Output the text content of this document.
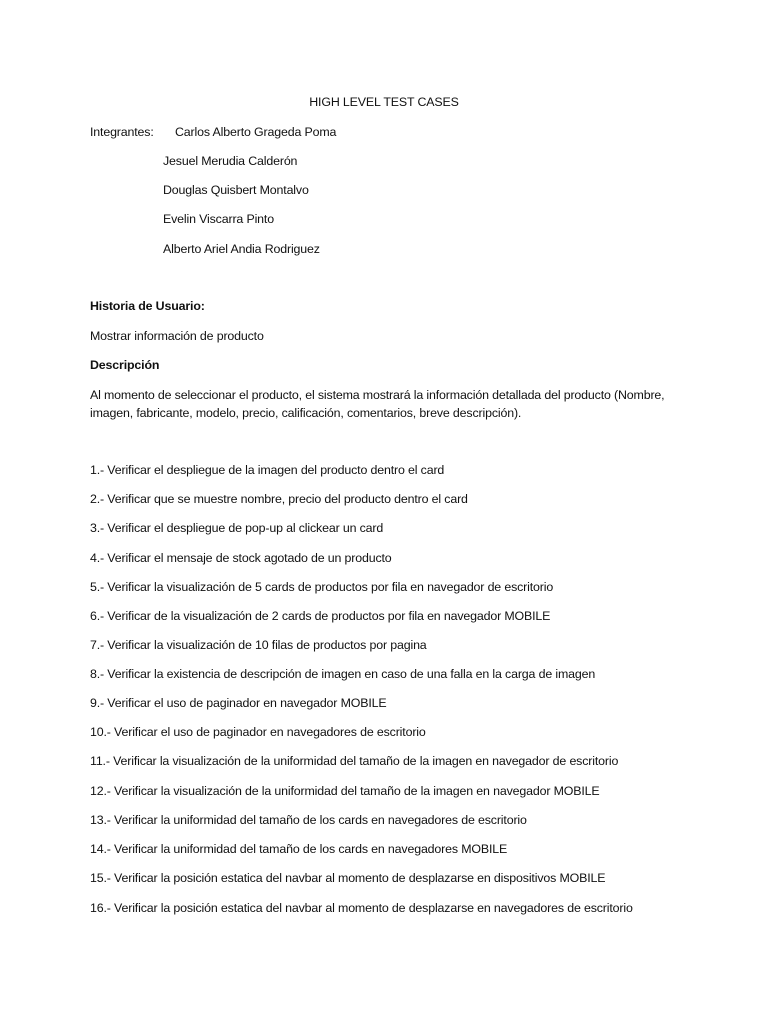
HIGH LEVEL TEST CASES
Integrantes: Carlos Alberto Grageda Poma
Jesuel Merudia Calderón
Douglas Quisbert Montalvo
Evelin Viscarra Pinto
Alberto Ariel Andia Rodriguez
Historia de Usuario:
Mostrar información de producto
Descripción
Al momento de seleccionar el producto, el sistema mostrará la información detallada del producto (Nombre, imagen, fabricante, modelo, precio, calificación, comentarios, breve descripción).
1.- Verificar el despliegue de la imagen del producto dentro el card
2.- Verificar que se muestre nombre, precio del producto dentro el card
3.- Verificar el despliegue de pop-up al clickear un card
4.- Verificar el mensaje de stock agotado de un producto
5.- Verificar la visualización de 5 cards de productos por fila en navegador de escritorio
6.- Verificar de la visualización de 2 cards de productos por fila en navegador MOBILE
7.- Verificar la visualización de 10 filas de productos por pagina
8.- Verificar la existencia de descripción de imagen en caso de una falla en la carga de imagen
9.- Verificar el uso de paginador en navegador MOBILE
10.- Verificar el uso de paginador en navegadores de escritorio
11.- Verificar la visualización de la uniformidad del tamaño de la imagen en navegador de escritorio
12.- Verificar la visualización de la uniformidad del tamaño de la imagen en navegador MOBILE
13.- Verificar la uniformidad del tamaño de los cards en navegadores de escritorio
14.- Verificar la uniformidad del tamaño de los cards en navegadores MOBILE
15.- Verificar la posición estatica del navbar al momento de desplazarse en dispositivos MOBILE
16.- Verificar la posición estatica del navbar al momento de desplazarse en navegadores de escritorio
